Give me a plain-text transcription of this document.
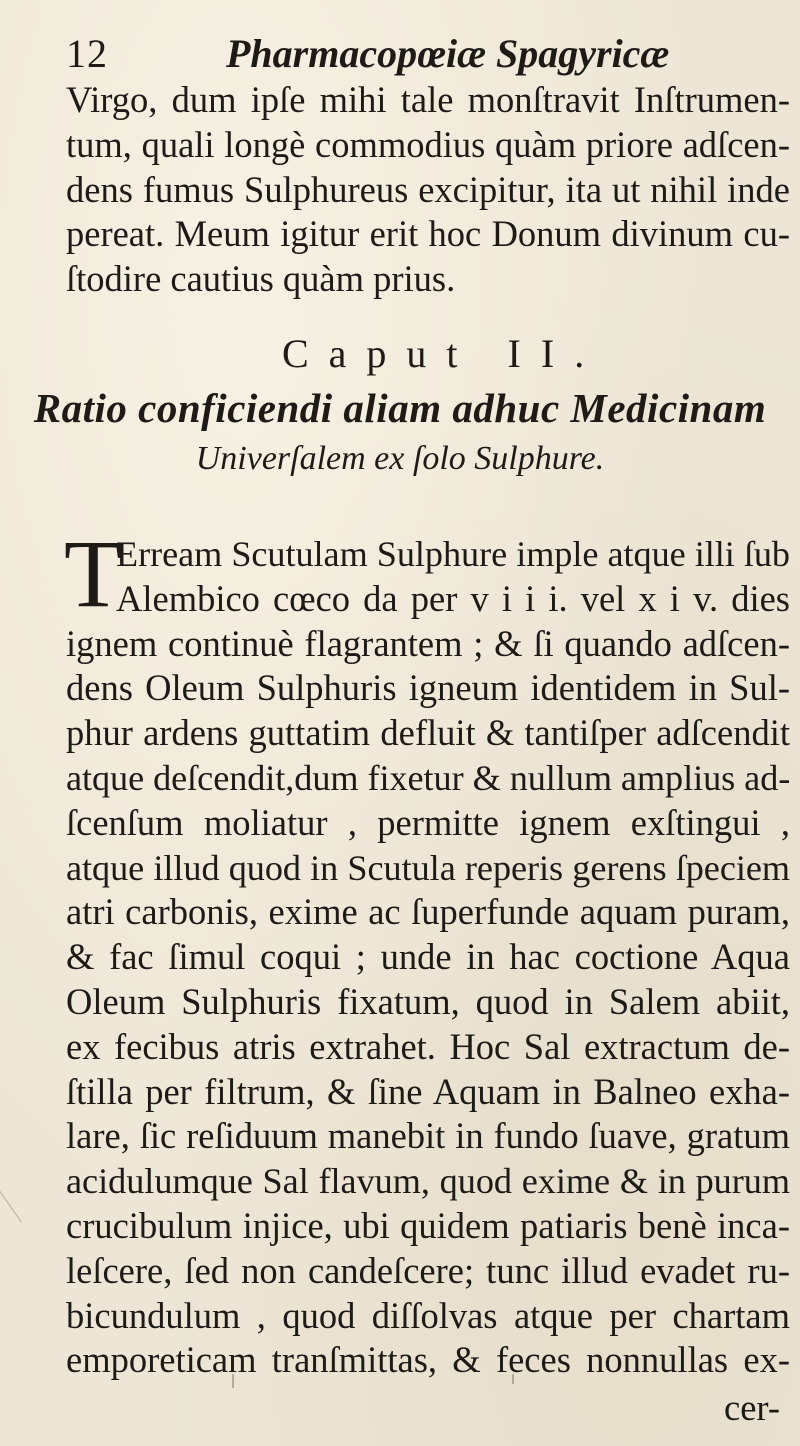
12	Pharmacopœiæ Spagyricæ
Virgo, dum ipſe mihi tale monſtravit Inſtrumen-
tum, quali longè commodius quàm priore adſcen-
dens fumus Sulphureus excipitur, ita ut nihil inde
pereat. Meum igitur erit hoc Donum divinum cu-
ſtodire cautius quàm prius.
Caput II.
Ratio conficiendi aliam adhuc Medicinam
Univerſalem ex ſolo Sulphure.
T
Erream Scutulam Sulphure imple atque illi ſub
Alembico cœco da per v i i i. vel x i v. dies
ignem continuè flagrantem ; & ſi quando adſcen-
dens Oleum Sulphuris igneum identidem in Sul-
phur ardens guttatim defluit & tantiſper adſcendit
atque deſcendit,dum fixetur & nullum amplius ad-
ſcenſum moliatur , permitte ignem exſtingui ,
atque illud quod in Scutula reperis gerens ſpeciem
atri carbonis, exime ac ſuperfunde aquam puram,
& fac ſimul coqui ; unde in hac coctione Aqua
Oleum Sulphuris fixatum, quod in Salem abiit,
ex fecibus atris extrahet. Hoc Sal extractum de-
ſtilla per filtrum, & ſine Aquam in Balneo exha-
lare, ſic reſiduum manebit in fundo ſuave, gratum
acidulumque Sal flavum, quod exime & in purum
crucibulum injice, ubi quidem patiaris benè inca-
leſcere, ſed non candeſcere; tunc illud evadet ru-
bicundulum , quod diſſolvas atque per chartam
emporeticam tranſmittas, & feces nonnullas ex-
cer-
